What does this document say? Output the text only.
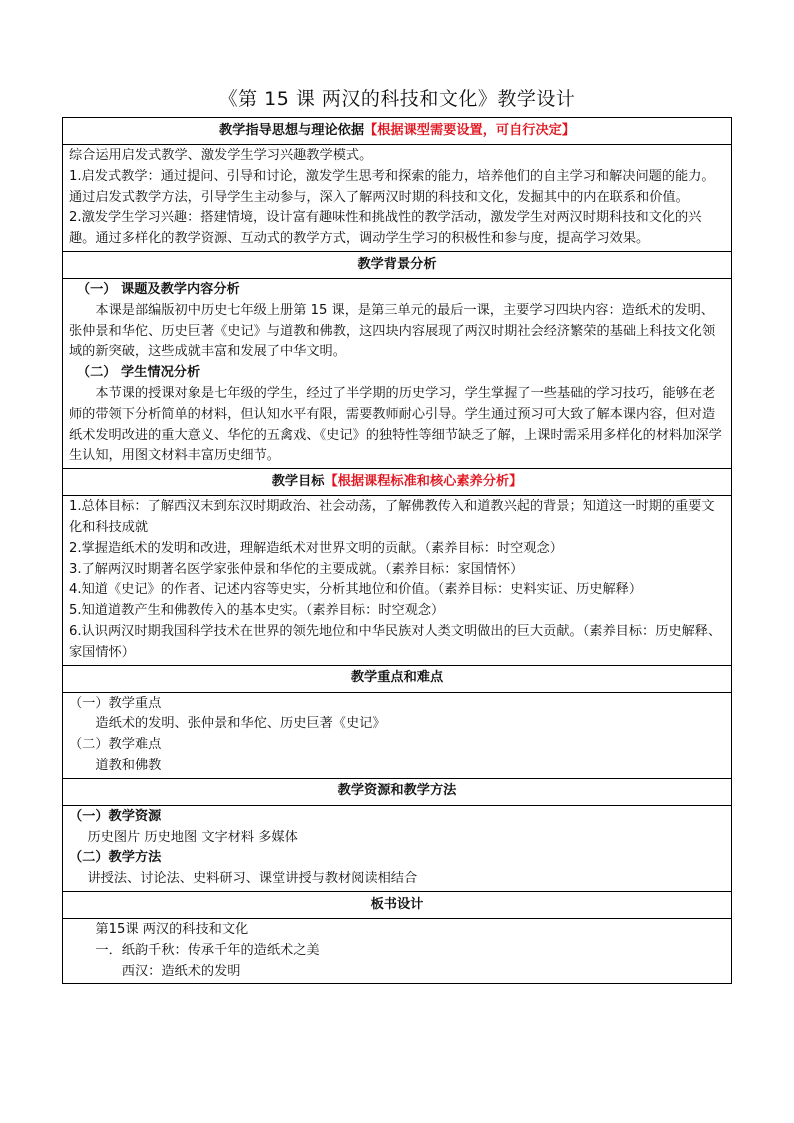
《第 15 课 两汉的科技和文化》教学设计
教学指导思想与理论依据【根据课型需要设置，可自行决定】

综合运用启发式教学、激发学生学习兴趣教学模式。

1.启发式教学：通过提问、引导和讨论，激发学生思考和探索的能力，培养他们的自主学习和解决问题的能力。通过启发式教学方法，引导学生主动参与，深入了解两汉时期的科技和文化，发掘其中的内在联系和价值。

2.激发学生学习兴趣：搭建情境，设计富有趣味性和挑战性的教学活动，激发学生对两汉时期科技和文化的兴趣。通过多样化的教学资源、互动式的教学方式，调动学生学习的积极性和参与度，提高学习效果。

教学背景分析

（一） 课题及教学内容分析

本课是部编版初中历史七年级上册第 15 课，是第三单元的最后一课，主要学习四块内容：造纸术的发明、张仲景和华佗、历史巨著《史记》与道教和佛教，这四块内容展现了两汉时期社会经济繁荣的基础上科技文化领域的新突破，这些成就丰富和发展了中华文明。

（二） 学生情况分析

本节课的授课对象是七年级的学生，经过了半学期的历史学习，学生掌握了一些基础的学习技巧，能够在老师的带领下分析简单的材料，但认知水平有限，需要教师耐心引导。学生通过预习可大致了解本课内容，但对造纸术发明改进的重大意义、华佗的五禽戏、《史记》的独特性等细节缺乏了解，上课时需采用多样化的材料加深学生认知，用图文材料丰富历史细节。

教学目标【根据课程标准和核心素养分析】

1.总体目标：了解西汉末到东汉时期政治、社会动荡，了解佛教传入和道教兴起的背景；知道这一时期的重要文化和科技成就

2.掌握造纸术的发明和改进，理解造纸术对世界文明的贡献。（素养目标：时空观念）

3.了解两汉时期著名医学家张仲景和华佗的主要成就。（素养目标：家国情怀）

4.知道《史记》的作者、记述内容等史实，分析其地位和价值。（素养目标：史料实证、历史解释）

5.知道道教产生和佛教传入的基本史实。（素养目标：时空观念）

6.认识两汉时期我国科学技术在世界的领先地位和中华民族对人类文明做出的巨大贡献。（素养目标：历史解释、家国情怀）

教学重点和难点

（一）教学重点

造纸术的发明、张仲景和华佗、历史巨著《史记》

（二）教学难点

道教和佛教

教学资源和教学方法

（一）教学资源

历史图片 历史地图 文字材料 多媒体

（二）教学方法

讲授法、讨论法、史料研习、课堂讲授与教材阅读相结合

板书设计

第15课 两汉的科技和文化

一．纸韵千秋：传承千年的造纸术之美

西汉：造纸术的发明
